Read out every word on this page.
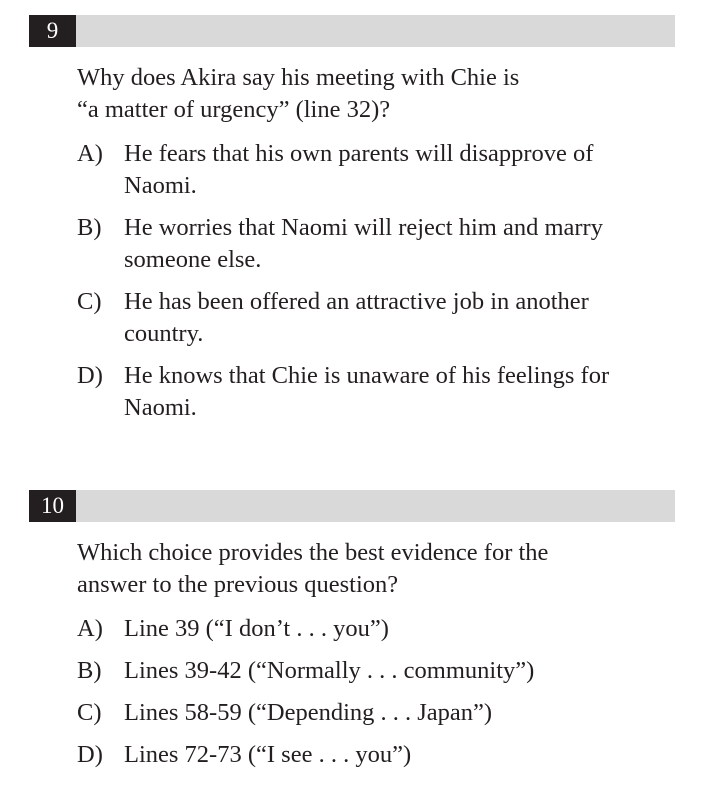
9
Why does Akira say his meeting with Chie is
“a matter of urgency” (line 32)?
A) He fears that his own parents will disapprove of
Naomi.
B) He worries that Naomi will reject him and marry
someone else.
C) He has been offered an attractive job in another
country.
D) He knows that Chie is unaware of his feelings for
Naomi.
10
Which choice provides the best evidence for the
answer to the previous question?
A) Line 39 (“I don’t . . . you”)
B) Lines 39-42 (“Normally . . . community”)
C) Lines 58-59 (“Depending . . . Japan”)
D) Lines 72-73 (“I see . . . you”)
